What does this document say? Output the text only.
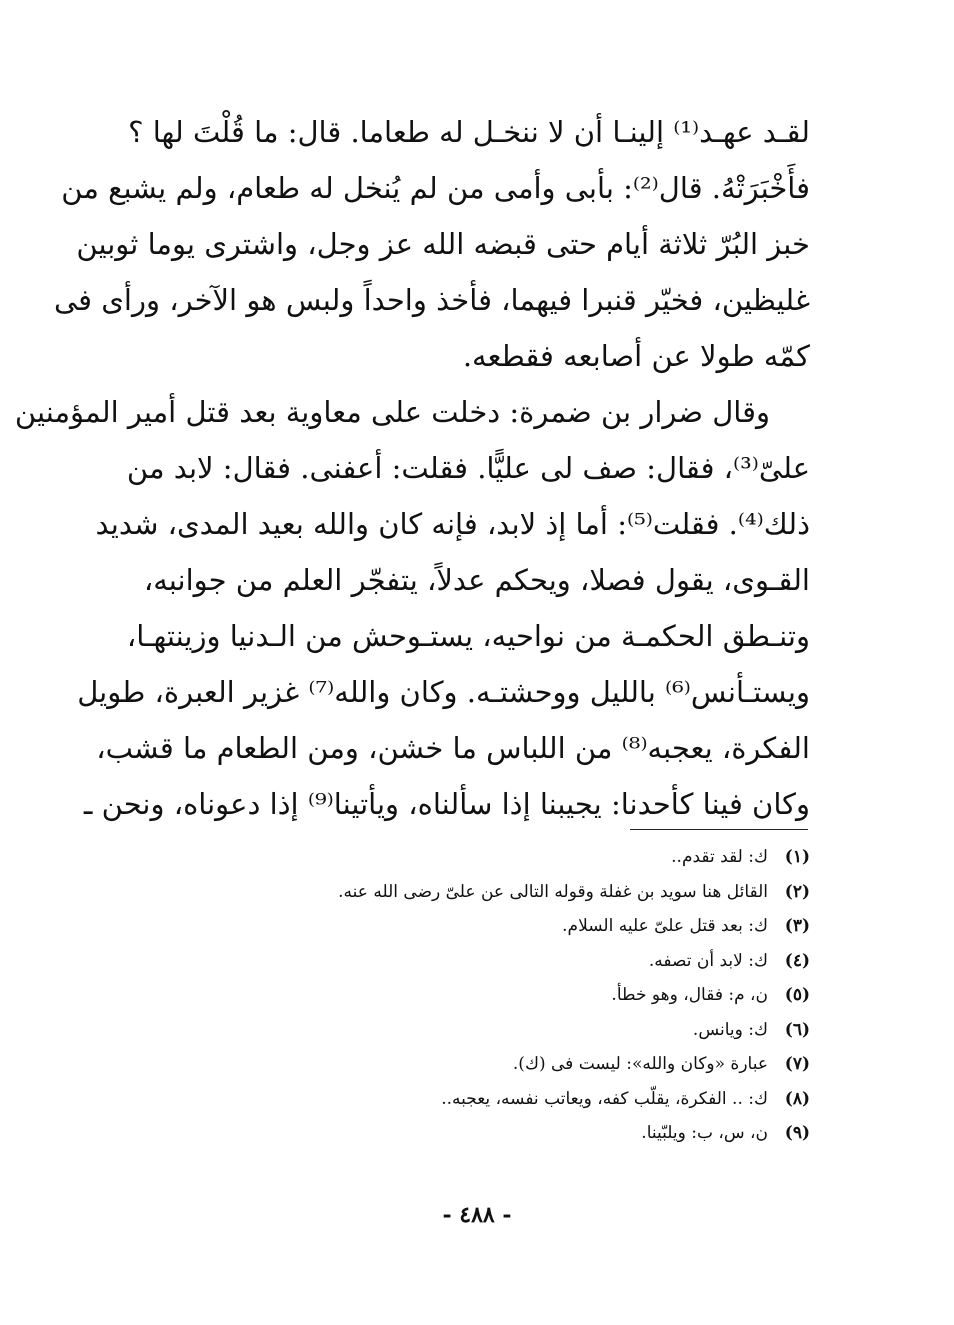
لقـد عهـد⁽¹⁾ إلينـا أن لا ننخـل له طعاما. قال: ما قُلْتَ لها ؟
فأَخْبَرَتْهُ. قال⁽²⁾: بأبى وأمى من لم يُنخل له طعام، ولم يشبع من
خبز البُرّ ثلاثة أيام حتى قبضه الله عز وجل، واشترى يوما ثوبين
غليظين، فخيّر قنبرا فيهما، فأخذ واحداً ولبس هو الآخر، ورأى فى
كمّه طولا عن أصابعه فقطعه.
وقال ضرار بن ضمرة: دخلت على معاوية بعد قتل أمير المؤمنين
علىّ⁽³⁾، فقال: صف لى عليًّا. فقلت: أعفنى. فقال: لابد من
ذلك⁽⁴⁾. فقلت⁽⁵⁾: أما إذ لابد، فإنه كان والله بعيد المدى، شديد
القـوى، يقول فصلا، ويحكم عدلاً، يتفجّر العلم من جوانبه،
وتنـطق الحكمـة من نواحيه، يستـوحش من الـدنيا وزينتهـا،
ويستـأنس⁽⁶⁾ بالليل ووحشتـه. وكان والله⁽⁷⁾ غزير العبرة، طويل
الفكرة، يعجبه⁽⁸⁾ من اللباس ما خشن، ومن الطعام ما قشب،
وكان فينا كأحدنا: يجيبنا إذا سألناه، ويأتينا⁽⁹⁾ إذا دعوناه، ونحن ـ
(١)ك: لقد تقدم..
(٢)القائل هنا سويد بن غفلة وقوله التالى عن علىّ رضى الله عنه.
(٣)ك: بعد قتل علىّ عليه السلام.
(٤)ك: لابد أن تصفه.
(٥)ن، م: فقال، وهو خطأ.
(٦)ك: ويانس.
(٧)عبارة «وكان والله»: ليست فى (ك).
(٨)ك: .. الفكرة، يقلّب كفه، ويعاتب نفسه، يعجبه..
(٩)ن، س، ب: ويلبّينا.
- ٤٨٨ -
